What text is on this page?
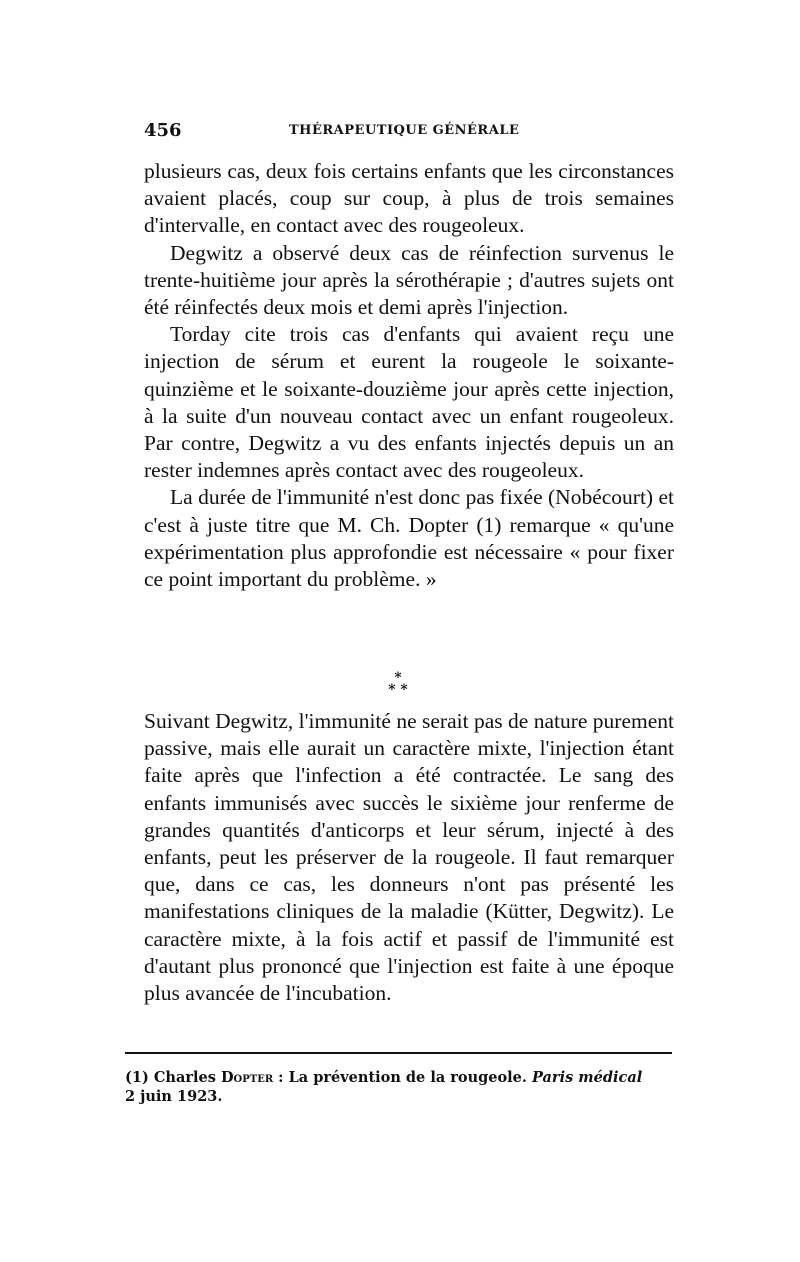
456	THÉRAPEUTIQUE GÉNÉRALE

plusieurs cas, deux fois certains enfants que les circonstances avaient placés, coup sur coup, à plus de trois semaines d'intervalle, en contact avec des rougeoleux.

Degwitz a observé deux cas de réinfection survenus le trente-huitième jour après la sérothérapie ; d'autres sujets ont été réinfectés deux mois et demi après l'injection.

Torday cite trois cas d'enfants qui avaient reçu une injection de sérum et eurent la rougeole le soixante-quinzième et le soixante-douzième jour après cette injection, à la suite d'un nouveau contact avec un enfant rougeoleux. Par contre, Degwitz a vu des enfants injectés depuis un an rester indemnes après contact avec des rougeoleux.

La durée de l'immunité n'est donc pas fixée (Nobécourt) et c'est à juste titre que M. Ch. Dopter (1) remarque « qu'une expérimentation plus approfondie est nécessaire « pour fixer ce point important du problème. »

*
* *

Suivant Degwitz, l'immunité ne serait pas de nature purement passive, mais elle aurait un caractère mixte, l'injection étant faite après que l'infection a été contractée. Le sang des enfants immunisés avec succès le sixième jour renferme de grandes quantités d'anticorps et leur sérum, injecté à des enfants, peut les préserver de la rougeole. Il faut remarquer que, dans ce cas, les donneurs n'ont pas présenté les manifestations cliniques de la maladie (Kütter, Degwitz). Le caractère mixte, à la fois actif et passif de l'immunité est d'autant plus prononcé que l'injection est faite à une époque plus avancée de l'incubation.

(1) Charles Dopter : La prévention de la rougeole. Paris médical
2 juin 1923.
